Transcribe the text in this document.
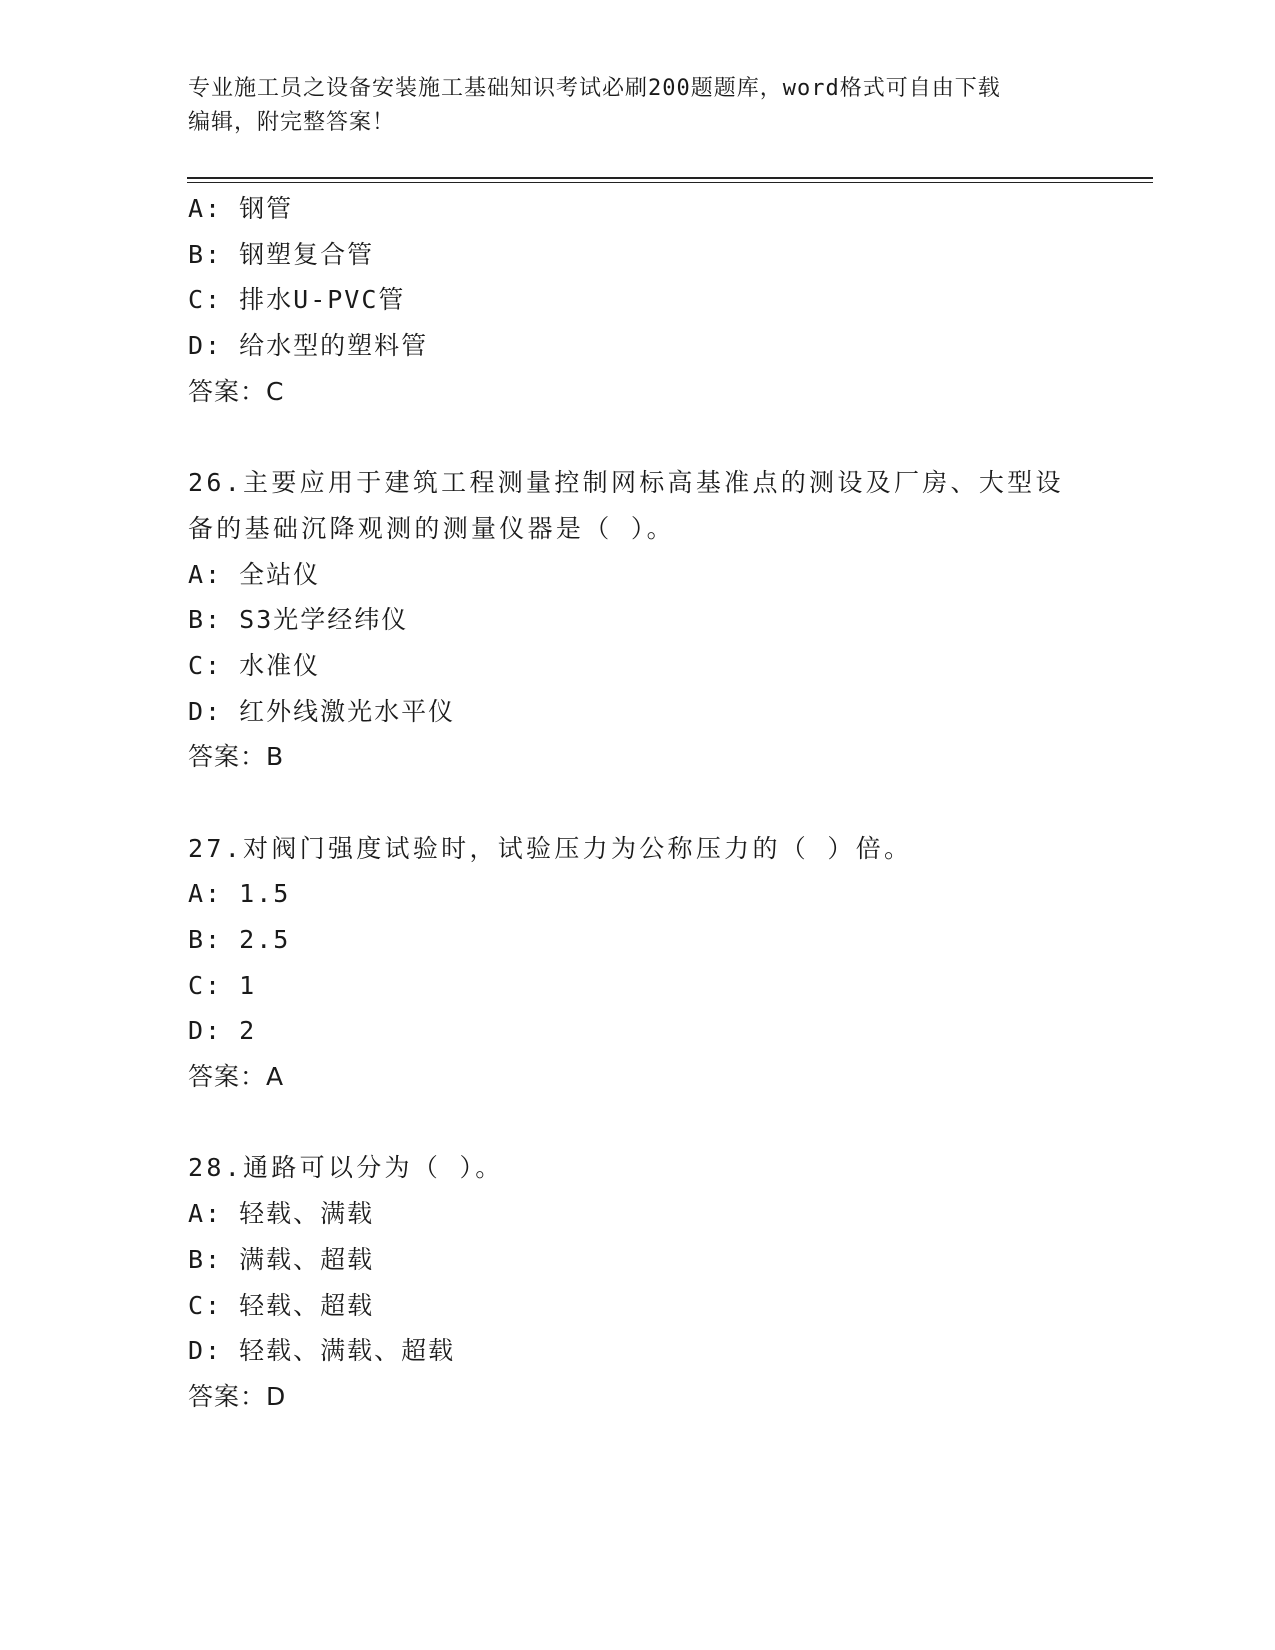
专业施工员之设备安装施工基础知识考试必刷200题题库，word格式可自由下载
编辑，附完整答案！
A: 钢管
B: 钢塑复合管
C: 排水U-PVC管
D: 给水型的塑料管
答案：C
26.主要应用于建筑工程测量控制网标高基准点的测设及厂房、大型设
备的基础沉降观测的测量仪器是（ ）。
A: 全站仪
B: S3光学经纬仪
C: 水准仪
D: 红外线激光水平仪
答案：B
27.对阀门强度试验时，试验压力为公称压力的（ ）倍。
A: 1.5
B: 2.5
C: 1
D: 2
答案：A
28.通路可以分为（ ）。
A: 轻载、满载
B: 满载、超载
C: 轻载、超载
D: 轻载、满载、超载
答案：D
